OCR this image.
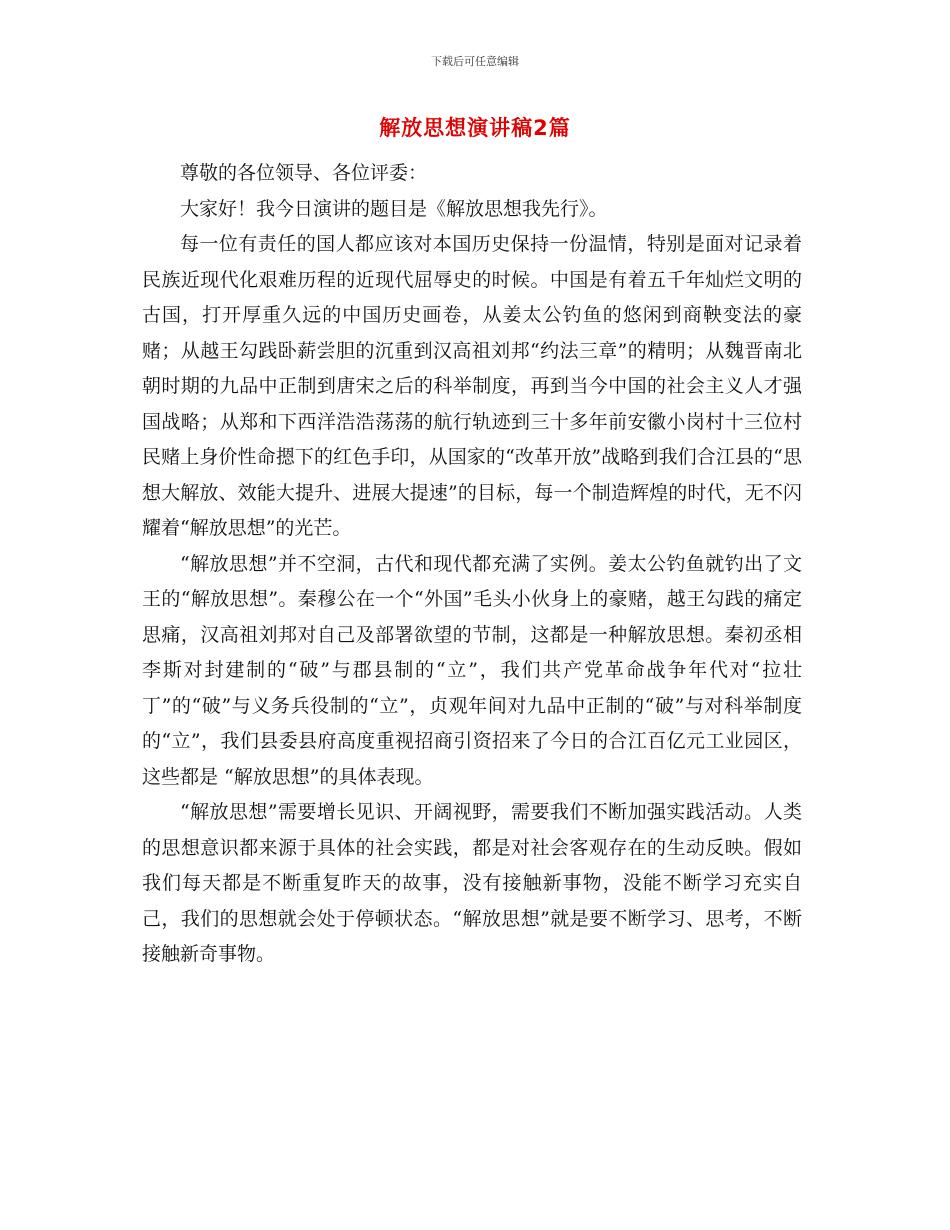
下载后可任意编辑
解放思想演讲稿2篇

尊敬的各位领导、各位评委：

大家好！我今日演讲的题目是《解放思想我先行》。

每一位有责任的国人都应该对本国历史保持一份温情，特别是面对记录着民族近现代化艰难历程的近现代屈辱史的时候。中国是有着五千年灿烂文明的古国，打开厚重久远的中国历史画卷，从姜太公钓鱼的悠闲到商鞅变法的豪赌；从越王勾践卧薪尝胆的沉重到汉高祖刘邦“约法三章”的精明；从魏晋南北朝时期的九品中正制到唐宋之后的科举制度，再到当今中国的社会主义人才强国战略；从郑和下西洋浩浩荡荡的航行轨迹到三十多年前安徽小岗村十三位村民赌上身价性命摁下的红色手印，从国家的“改革开放”战略到我们合江县的“思想大解放、效能大提升、进展大提速”的目标，每一个制造辉煌的时代，无不闪耀着“解放思想”的光芒。

“解放思想”并不空洞，古代和现代都充满了实例。姜太公钓鱼就钓出了文王的“解放思想”。秦穆公在一个“外国”毛头小伙身上的豪赌，越王勾践的痛定思痛，汉高祖刘邦对自己及部署欲望的节制，这都是一种解放思想。秦初丞相李斯对封建制的“破”与郡县制的“立”，我们共产党革命战争年代对“拉壮丁”的“破”与义务兵役制的“立”，贞观年间对九品中正制的“破”与对科举制度的“立”，我们县委县府高度重视招商引资招来了今日的合江百亿元工业园区，这些都是 “解放思想”的具体表现。

“解放思想”需要增长见识、开阔视野，需要我们不断加强实践活动。人类的思想意识都来源于具体的社会实践，都是对社会客观存在的生动反映。假如我们每天都是不断重复昨天的故事，没有接触新事物，没能不断学习充实自己，我们的思想就会处于停顿状态。“解放思想”就是要不断学习、思考，不断接触新奇事物。
